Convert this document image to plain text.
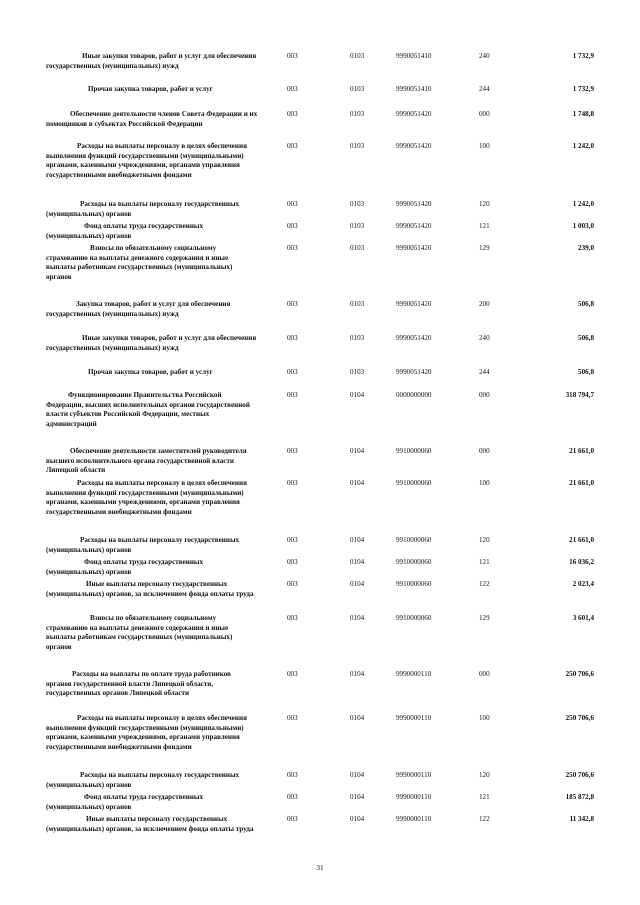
Иные закупки товаров, работ и услуг для обеспечения государственных (муниципальных) нужд
003	0103	9990051410	240	1 732,9
Прочая закупка товаров, работ и услуг	003	0103	9990051410	244	1 732,9
Обеспечение деятельности членов Совета Федерации и их помощников в субъектах Российской Федерации
003	0103	9990051420	000	1 748,8
Расходы на выплаты персоналу в целях обеспечения выполнения функций государственными (муниципальными) органами, казенными учреждениями, органами управления государственными внебюджетными фондами
003	0103	9990051420	100	1 242,0
Расходы на выплаты персоналу государственных (муниципальных) органов
003	0103	9990051420	120	1 242,0
Фонд оплаты труда государственных (муниципальных) органов
003	0103	9990051420	121	1 003,0
Взносы по обязательному социальному страхованию на выплаты денежного содержания и иные выплаты работникам государственных (муниципальных) органов
003	0103	9990051420	129	239,0
Закупка товаров, работ и услуг для обеспечения государственных (муниципальных) нужд
003	0103	9990051420	200	506,8
Иные закупки товаров, работ и услуг для обеспечения государственных (муниципальных) нужд
003	0103	9990051420	240	506,8
Прочая закупка товаров, работ и услуг	003	0103	9990051420	244	506,8
Функционирование Правительства Российской Федерации, высших исполнительных органов государственной власти субъектов Российской Федерации, местных администраций
003	0104	0000000000	000	318 794,7
Обеспечение деятельности заместителей руководителя высшего исполнительного органа государственной власти Липецкой области
003	0104	9910000060	000	21 661,0
Расходы на выплаты персоналу в целях обеспечения выполнения функций государственными (муниципальными) органами, казенными учреждениями, органами управления государственными внебюджетными фондами
003	0104	9910000060	100	21 661,0
Расходы на выплаты персоналу государственных (муниципальных) органов
003	0104	9910000060	120	21 661,0
Фонд оплаты труда государственных (муниципальных) органов
003	0104	9910000060	121	16 036,2
Иные выплаты персоналу государственных (муниципальных) органов, за исключением фонда оплаты труда
003	0104	9910000060	122	2 023,4
Взносы по обязательному социальному страхованию на выплаты денежного содержания и иные выплаты работникам государственных (муниципальных) органов
003	0104	9910000060	129	3 601,4
Расходы на выплаты по оплате труда работников органов государственной власти Липецкой области, государственных органов Липецкой области
003	0104	9990000110	000	250 706,6
Расходы на выплаты персоналу в целях обеспечения выполнения функций государственными (муниципальными) органами, казенными учреждениями, органами управления государственными внебюджетными фондами
003	0104	9990000110	100	250 706,6
Расходы на выплаты персоналу государственных (муниципальных) органов
003	0104	9990000110	120	250 706,6
Фонд оплаты труда государственных (муниципальных) органов
003	0104	9990000110	121	185 872,8
Иные выплаты персоналу государственных (муниципальных) органов, за исключением фонда оплаты труда
003	0104	9990000110	122	11 342,8
31
